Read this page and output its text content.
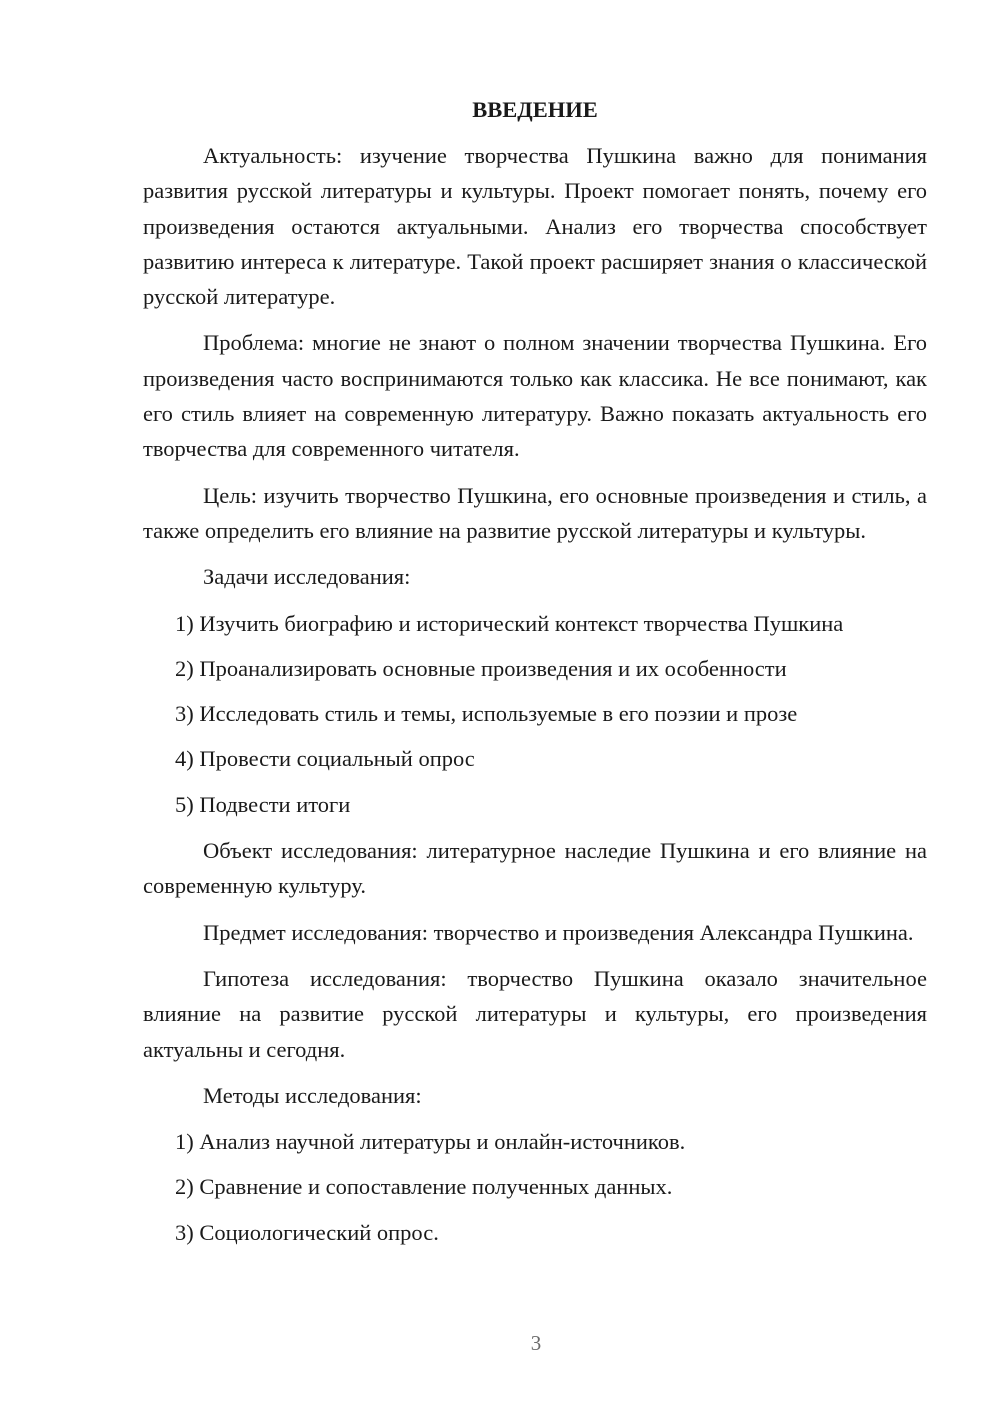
ВВЕДЕНИЕ

Актуальность: изучение творчества Пушкина важно для понимания развития русской литературы и культуры. Проект помогает понять, почему его произведения остаются актуальными. Анализ его творчества способствует развитию интереса к литературе. Такой проект расширяет знания о классической русской литературе.

Проблема: многие не знают о полном значении творчества Пушкина. Его произведения часто воспринимаются только как классика. Не все понимают, как его стиль влияет на современную литературу. Важно показать актуальность его творчества для современного читателя.

Цель: изучить творчество Пушкина, его основные произведения и стиль, а также определить его влияние на развитие русской литературы и культуры.

Задачи исследования:

1) Изучить биографию и исторический контекст творчества Пушкина
2) Проанализировать основные произведения и их особенности
3) Исследовать стиль и темы, используемые в его поэзии и прозе
4) Провести социальный опрос
5) Подвести итоги

Объект исследования: литературное наследие Пушкина и его влияние на современную культуру.

Предмет исследования: творчество и произведения Александра Пушкина.

Гипотеза исследования: творчество Пушкина оказало значительное влияние на развитие русской литературы и культуры, его произведения актуальны и сегодня.

Методы исследования:

1) Анализ научной литературы и онлайн-источников.
2) Сравнение и сопоставление полученных данных.
3) Социологический опрос.
3
